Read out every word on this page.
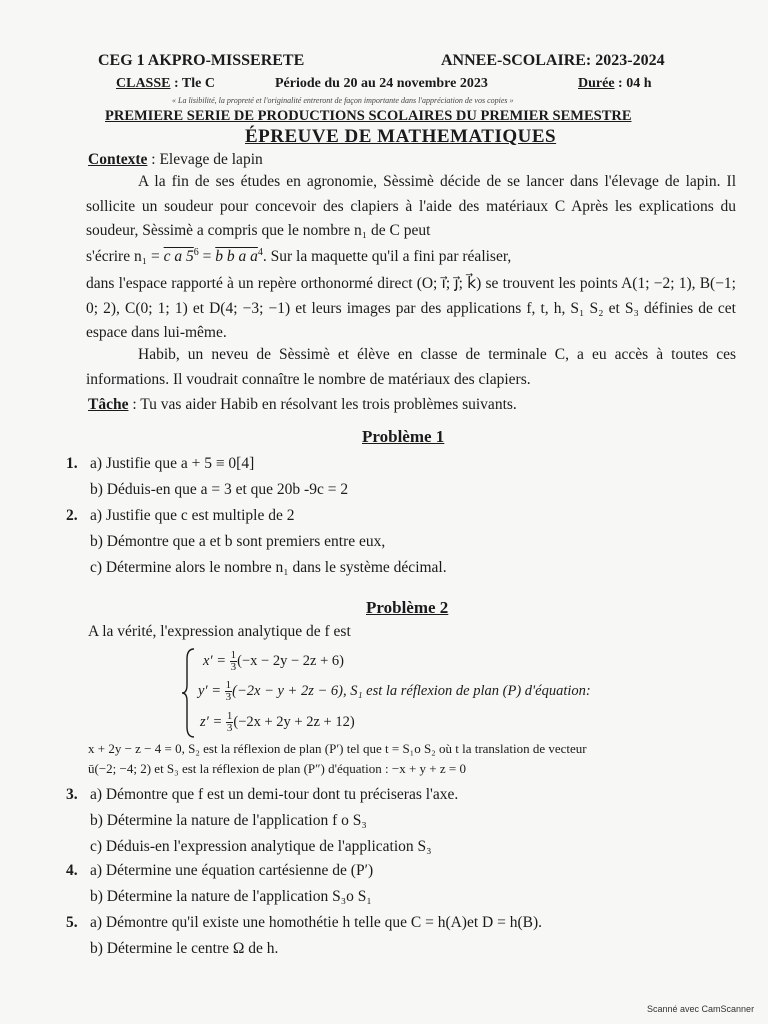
CEG 1 AKPRO-MISSERETE	ANNEE-SCOLAIRE: 2023-2024
CLASSE : Tle C	Période du 20 au 24 novembre 2023	Durée : 04 h
« La lisibilité, la propreté et l'originalité entreront de façon importante dans l'appréciation de vos copies »
PREMIERE SERIE DE PRODUCTIONS SCOLAIRES DU PREMIER SEMESTRE
ÉPREUVE DE MATHEMATIQUES
Contexte : Elevage de lapin

A la fin de ses études en agronomie, Sèssimè décide de se lancer dans l'élevage de lapin. Il sollicite un soudeur pour concevoir des clapiers à l'aide des matériaux C Après les explications du soudeur, Sèssimè a compris que le nombre n₁ de C peut

s'écrire n₁ = c a $5^6 = b$ b a $a^4$. Sur la maquette qu'il a fini par réaliser,

dans l'espace rapporté à un repère orthonormé direct (O; i⃗; j⃗; k⃗) se trouvent les points A(1; −2; 1), B(−1; 0; 2), C(0; 1; 1) et D(4; −3; −1) et leurs images par des applications f, t, h, S₁ S₂ et S₃ définies de cet espace dans lui-même.

Habib, un neveu de Sèssimè et élève en classe de terminale C, a eu accès à toutes ces informations. Il voudrait connaître le nombre de matériaux des clapiers.

Tâche : Tu vas aider Habib en résolvant les trois problèmes suivants.
Problème 1
1. a) Justifie que a + 5 ≡ 0[4]
b) Déduis-en que a = 3 et que 20b -9c = 2
2. a) Justifie que c est multiple de 2
b) Démontre que a et b sont premiers entre eux,
c) Détermine alors le nombre n₁ dans le système décimal.
Problème 2
A la vérité, l'expression analytique de f est
$x' = \frac{1}{3} (-x - 2y - 2z + 6)$
$y' = \frac{1}{3} (-2x - y + 2z - 6)$, S₁ est la réflexion de plan (P) d'équation:
$z' = \frac{1}{3} (-2x + 2y + 2z + 12)$
x + 2y − z − 4 = 0, S₂ est la réflexion de plan (P′) tel que t = S₁o S₂ où t la translation de vecteur
ū(−2; −4; 2) et S₃ est la réflexion de plan (P″) d'équation : −x + y + z = 0
3. a) Démontre que f est un demi-tour dont tu préciseras l'axe.
b) Détermine la nature de l'application f o S₃
c) Déduis-en l'expression analytique de l'application S₃
4. a) Détermine une équation cartésienne de (P′)
b) Détermine la nature de l'application S₃o S₁
5. a) Démontre qu'il existe une homothétie h telle que C = h(A)et D = h(B).
b) Détermine le centre Ω de h.
Scanné avec CamScanner
